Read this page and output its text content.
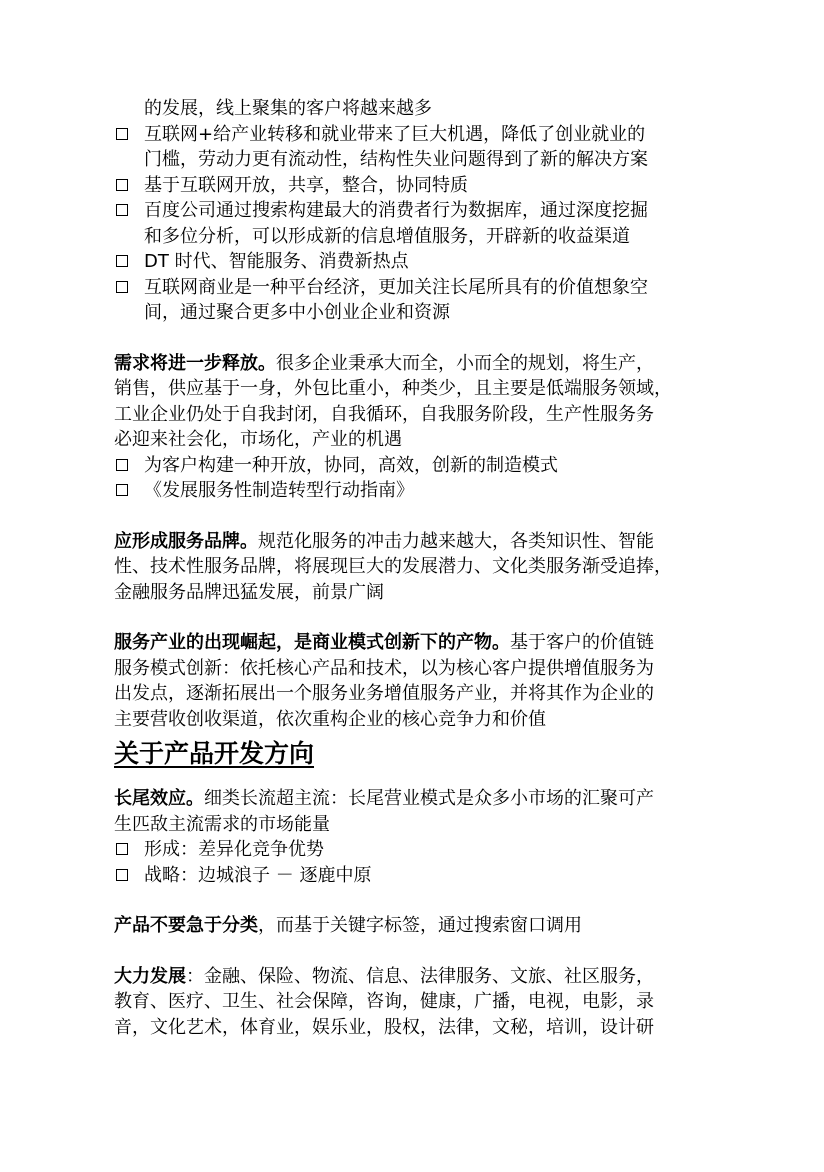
的发展，线上聚集的客户将越来越多
互联网+给产业转移和就业带来了巨大机遇，降低了创业就业的
门槛，劳动力更有流动性，结构性失业问题得到了新的解决方案
基于互联网开放，共享，整合，协同特质
百度公司通过搜索构建最大的消费者行为数据库，通过深度挖掘
和多位分析，可以形成新的信息增值服务，开辟新的收益渠道
DT 时代、智能服务、消费新热点
互联网商业是一种平台经济，更加关注长尾所具有的价值想象空
间，通过聚合更多中小创业企业和资源
需求将进一步释放。很多企业秉承大而全，小而全的规划，将生产，
销售，供应基于一身，外包比重小，种类少，且主要是低端服务领域，
工业企业仍处于自我封闭，自我循环，自我服务阶段，生产性服务务
必迎来社会化，市场化，产业的机遇
为客户构建一种开放，协同，高效，创新的制造模式
《发展服务性制造转型行动指南》
应形成服务品牌。规范化服务的冲击力越来越大，各类知识性、智能
性、技术性服务品牌，将展现巨大的发展潜力、文化类服务渐受追捧，
金融服务品牌迅猛发展，前景广阔
服务产业的出现崛起，是商业模式创新下的产物。基于客户的价值链
服务模式创新：依托核心产品和技术，以为核心客户提供增值服务为
出发点，逐渐拓展出一个服务业务增值服务产业，并将其作为企业的
主要营收创收渠道，依次重构企业的核心竞争力和价值
关于产品开发方向
长尾效应。细类长流超主流：长尾营业模式是众多小市场的汇聚可产
生匹敌主流需求的市场能量
形成：差异化竞争优势
战略：边城浪子 － 逐鹿中原
产品不要急于分类，而基于关键字标签，通过搜索窗口调用
大力发展：金融、保险、物流、信息、法律服务、文旅、社区服务，
教育、医疗、卫生、社会保障，咨询，健康，广播，电视，电影，录
音，文化艺术，体育业，娱乐业，股权，法律，文秘，培训，设计研
